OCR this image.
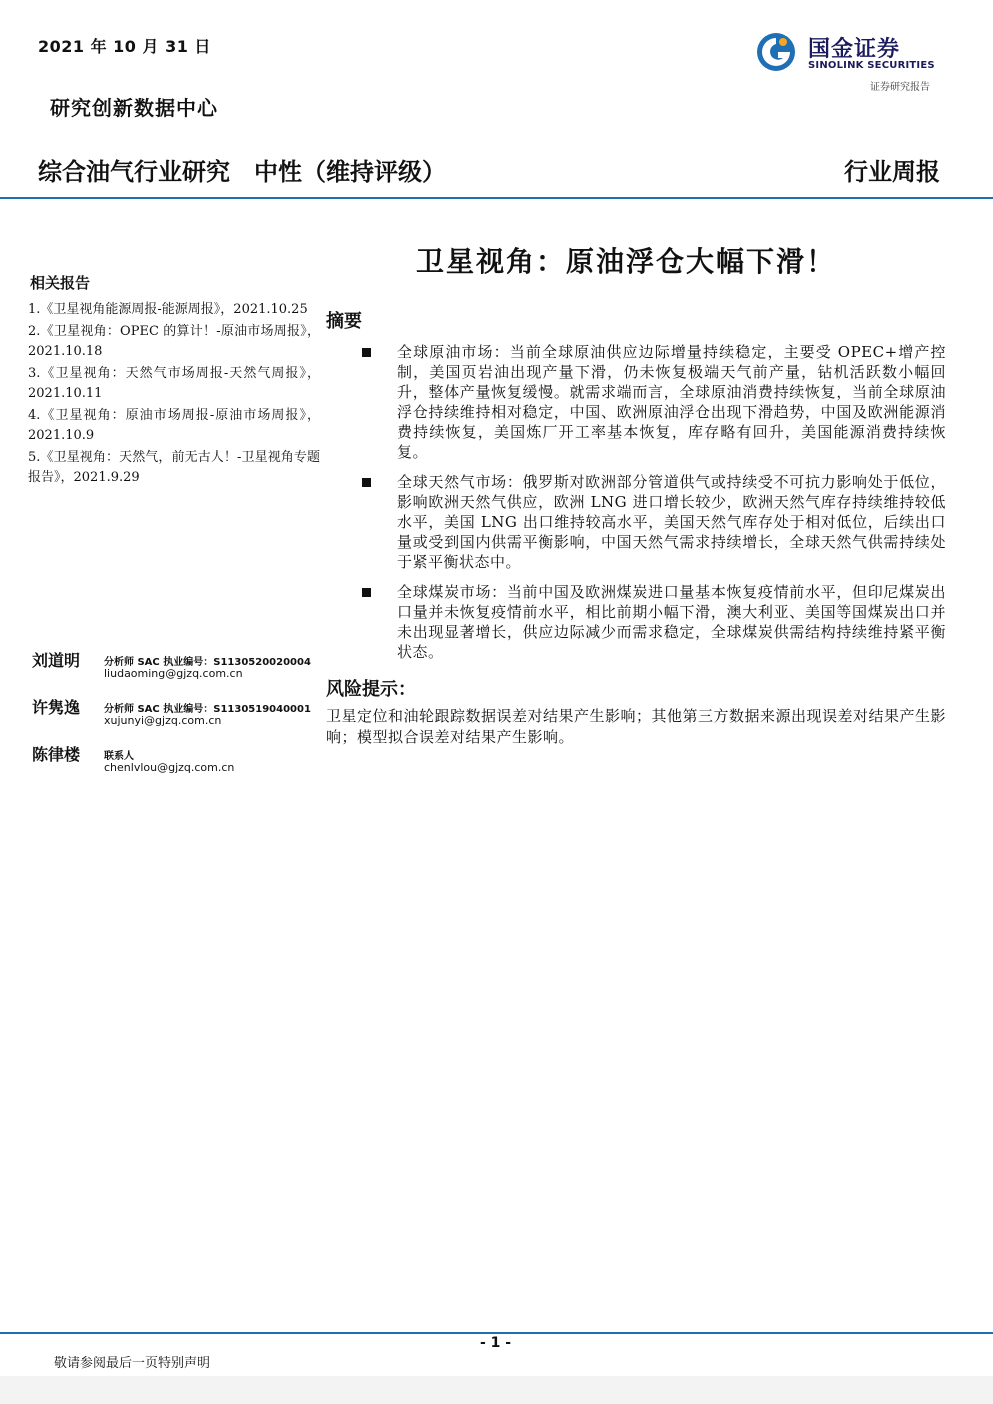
2021 年 10 月 31 日
研究创新数据中心
国金证券
SINOLINK SECURITIES
证券研究报告
综合油气行业研究　中性（维持评级）	行业周报
卫星视角：原油浮仓大幅下滑！
相关报告
1.《卫星视角能源周报-能源周报》，2021.10.25
2.《卫星视角：OPEC 的算计！-原油市场周报》，2021.10.18
3.《卫星视角：天然气市场周报-天然气周报》，2021.10.11
4.《卫星视角：原油市场周报-原油市场周报》，2021.10.9
5.《卫星视角：天然气，前无古人！-卫星视角专题报告》，2021.9.29
刘道明 分析师 SAC 执业编号：S1130520020004
liudaoming@gjzq.com.cn
许隽逸 分析师 SAC 执业编号：S1130519040001
xujunyi@gjzq.com.cn
陈律楼 联系人
chenlvlou@gjzq.com.cn
摘要
全球原油市场：当前全球原油供应边际增量持续稳定，主要受 OPEC+增产控制，美国页岩油出现产量下滑，仍未恢复极端天气前产量，钻机活跃数小幅回升，整体产量恢复缓慢。就需求端而言，全球原油消费持续恢复，当前全球原油浮仓持续维持相对稳定，中国、欧洲原油浮仓出现下滑趋势，中国及欧洲能源消费持续恢复，美国炼厂开工率基本恢复，库存略有回升，美国能源消费持续恢复。
全球天然气市场：俄罗斯对欧洲部分管道供气或持续受不可抗力影响处于低位，影响欧洲天然气供应，欧洲 LNG 进口增长较少，欧洲天然气库存持续维持较低水平，美国 LNG 出口维持较高水平，美国天然气库存处于相对低位，后续出口量或受到国内供需平衡影响，中国天然气需求持续增长，全球天然气供需持续处于紧平衡状态中。
全球煤炭市场：当前中国及欧洲煤炭进口量基本恢复疫情前水平，但印尼煤炭出口量并未恢复疫情前水平，相比前期小幅下滑，澳大利亚、美国等国煤炭出口并未出现显著增长，供应边际减少而需求稳定，全球煤炭供需结构持续维持紧平衡状态。
风险提示：
卫星定位和油轮跟踪数据误差对结果产生影响；其他第三方数据来源出现误差对结果产生影响；模型拟合误差对结果产生影响。
- 1 -
敬请参阅最后一页特别声明
